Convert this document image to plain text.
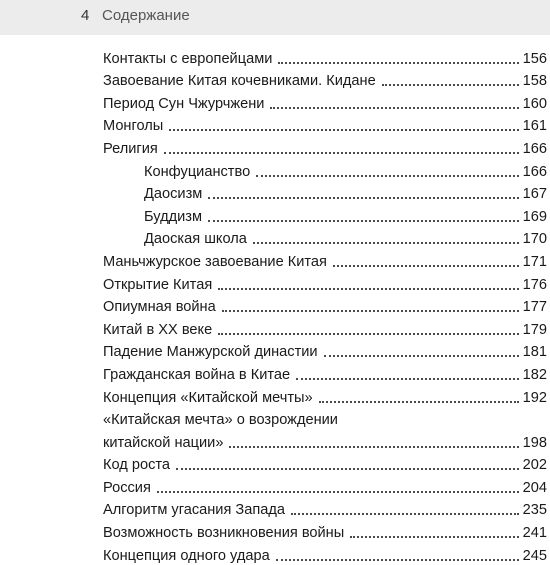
4 Содержание
Контакты с европейцами	156
Завоевание Китая кочевниками. Кидане	158
Период Сун Чжурчжени	160
Монголы	161
Религия	166
Конфуцианство	166
Даосизм	167
Буддизм	169
Даоская школа	170
Маньчжурское завоевание Китая	171
Открытие Китая	176
Опиумная война	177
Китай в XX веке	179
Падение Манжурской династии	181
Гражданская война в Китае	182
Концепция «Китайской мечты»	192
«Китайская мечта» о возрождении
китайской нации»	198
Код роста	202
Россия	204
Алгоритм угасания Запада	235
Возможность возникновения войны	241
Концепция одного удара	245
